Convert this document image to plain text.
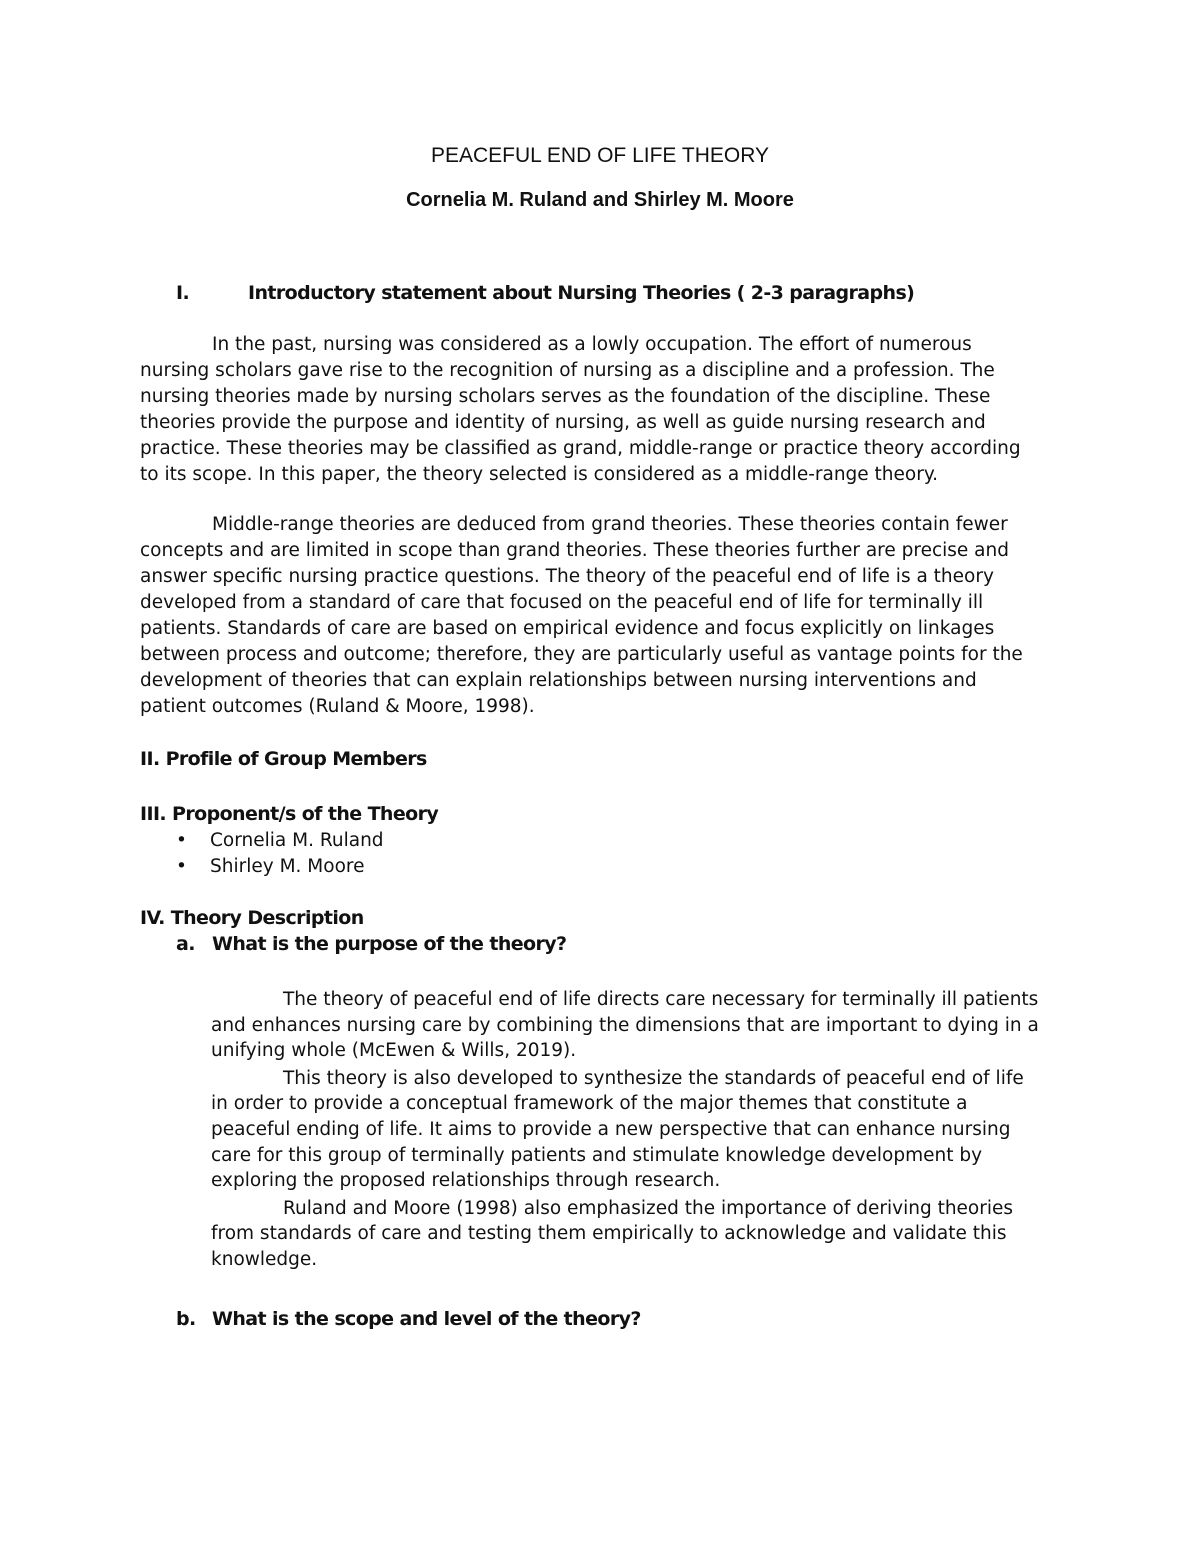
PEACEFUL END OF LIFE THEORY
Cornelia M. Ruland and Shirley M. Moore
I.	Introductory statement about Nursing Theories ( 2-3 paragraphs)
In the past, nursing was considered as a lowly occupation. The effort of numerous
nursing scholars gave rise to the recognition of nursing as a discipline and a profession. The
nursing theories made by nursing scholars serves as the foundation of the discipline. These
theories provide the purpose and identity of nursing, as well as guide nursing research and
practice. These theories may be classified as grand, middle-range or practice theory according
to its scope. In this paper, the theory selected is considered as a middle-range theory.
Middle-range theories are deduced from grand theories. These theories contain fewer
concepts and are limited in scope than grand theories. These theories further are precise and
answer specific nursing practice questions. The theory of the peaceful end of life is a theory
developed from a standard of care that focused on the peaceful end of life for terminally ill
patients. Standards of care are based on empirical evidence and focus explicitly on linkages
between process and outcome; therefore, they are particularly useful as vantage points for the
development of theories that can explain relationships between nursing interventions and
patient outcomes (Ruland & Moore, 1998).
II. Profile of Group Members
III. Proponent/s of the Theory
• Cornelia M. Ruland
• Shirley M. Moore
IV. Theory Description
a. What is the purpose of the theory?
The theory of peaceful end of life directs care necessary for terminally ill patients
and enhances nursing care by combining the dimensions that are important to dying in a
unifying whole (McEwen & Wills, 2019).
This theory is also developed to synthesize the standards of peaceful end of life
in order to provide a conceptual framework of the major themes that constitute a
peaceful ending of life. It aims to provide a new perspective that can enhance nursing
care for this group of terminally patients and stimulate knowledge development by
exploring the proposed relationships through research.
Ruland and Moore (1998) also emphasized the importance of deriving theories
from standards of care and testing them empirically to acknowledge and validate this
knowledge.
b. What is the scope and level of the theory?
